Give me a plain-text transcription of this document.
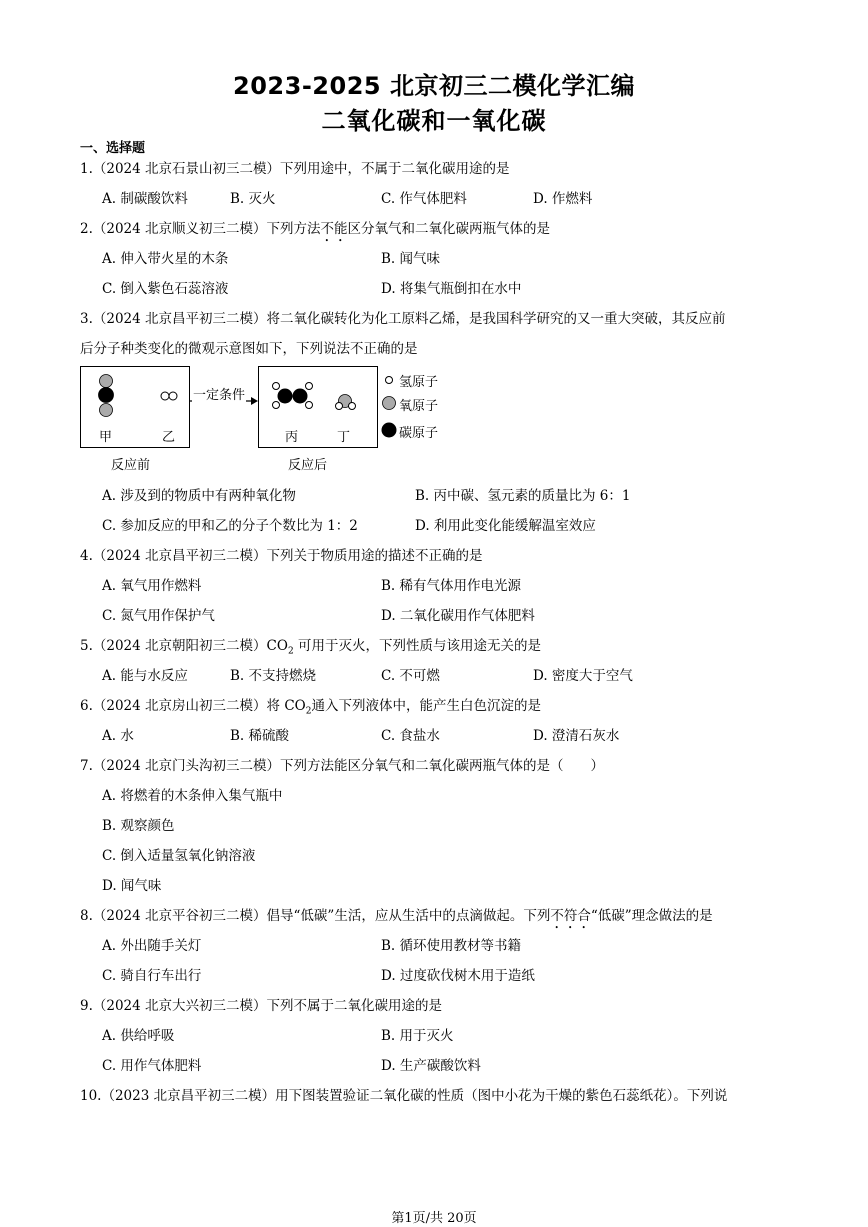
2023-2025 北京初三二模化学汇编
二氧化碳和一氧化碳
一、选择题
1.（2024 北京石景山初三二模）下列用途中，不属于二氧化碳用途的是
A. 制碳酸饮料	B. 灭火	C. 作气体肥料	D. 作燃料
2.（2024 北京顺义初三二模）下列方法不能区分氧气和二氧化碳两瓶气体的是
A. 伸入带火星的木条	B. 闻气味
C. 倒入紫色石蕊溶液	D. 将集气瓶倒扣在水中
3.（2024 北京昌平初三二模）将二氧化碳转化为化工原料乙烯，是我国科学研究的又一重大突破，其反应前
后分子种类变化的微观示意图如下，下列说法不正确的是
一定条件
甲	乙	丙	丁
反应前	反应后
氢原子
氧原子
碳原子
A. 涉及到的物质中有两种氧化物	B. 丙中碳、氢元素的质量比为 6：1
C. 参加反应的甲和乙的分子个数比为 1：2	D. 利用此变化能缓解温室效应
4.（2024 北京昌平初三二模）下列关于物质用途的描述不正确的是
A. 氧气用作燃料	B. 稀有气体用作电光源
C. 氮气用作保护气	D. 二氧化碳用作气体肥料
5.（2024 北京朝阳初三二模）$CO_2$ 可用于灭火，下列性质与该用途无关的是
A. 能与水反应	B. 不支持燃烧	C. 不可燃	D. 密度大于空气
6.（2024 北京房山初三二模）将 $CO_2$通入下列液体中，能产生白色沉淀的是
A. 水	B. 稀硫酸	C. 食盐水	D. 澄清石灰水
7.（2024 北京门头沟初三二模）下列方法能区分氧气和二氧化碳两瓶气体的是（　　）
A. 将燃着的木条伸入集气瓶中
B. 观察颜色
C. 倒入适量氢氧化钠溶液
D. 闻气味
8.（2024 北京平谷初三二模）倡导“低碳”生活，应从生活中的点滴做起。下列不符合“低碳”理念做法的是
A. 外出随手关灯	B. 循环使用教材等书籍
C. 骑自行车出行	D. 过度砍伐树木用于造纸
9.（2024 北京大兴初三二模）下列不属于二氧化碳用途的是
A. 供给呼吸	B. 用于灭火
C. 用作气体肥料	D. 生产碳酸饮料
10.（2023 北京昌平初三二模）用下图装置验证二氧化碳的性质（图中小花为干燥的紫色石蕊纸花）。下列说
第1页/共 20页
